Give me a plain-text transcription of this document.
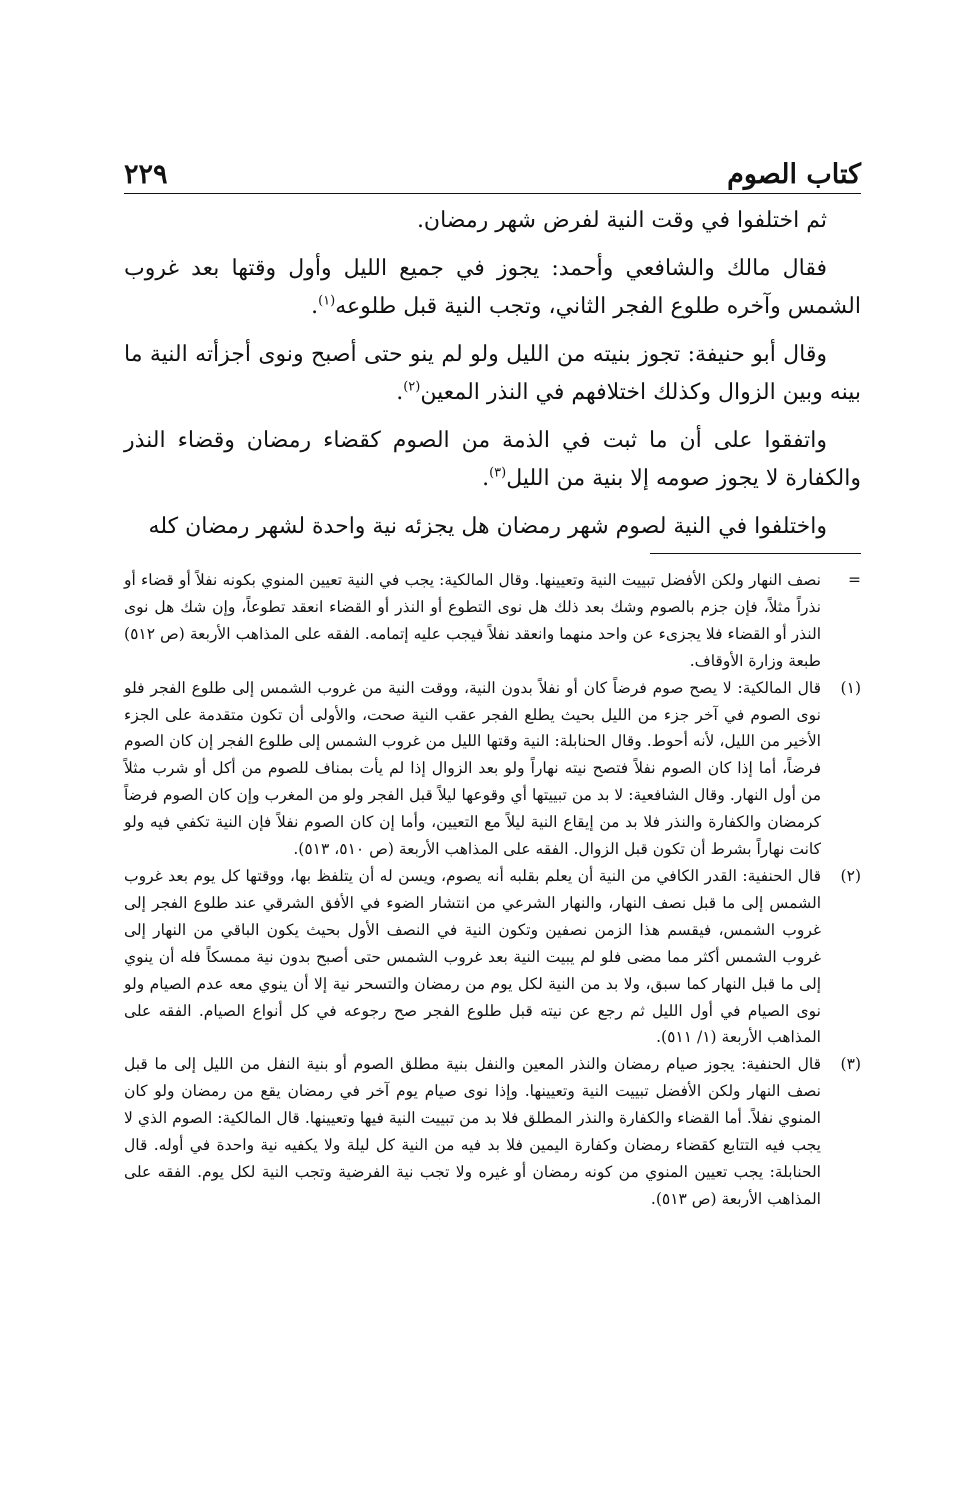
كتاب الصوم
٢٢٩

ثم اختلفوا في وقت النية لفرض شهر رمضان.

فقال مالك والشافعي وأحمد: يجوز في جميع الليل وأول وقتها بعد غروب الشمس وآخره طلوع الفجر الثاني، وتجب النية قبل طلوعه$^{(١)}$.

وقال أبو حنيفة: تجوز بنيته من الليل ولو لم ينو حتى أصبح ونوى أجزأته النية ما بينه وبين الزوال وكذلك اختلافهم في النذر المعين$^{(٢)}$.

واتفقوا على أن ما ثبت في الذمة من الصوم كقضاء رمضان وقضاء النذر والكفارة لا يجوز صومه إلا بنية من الليل$^{(٣)}$.

واختلفوا في النية لصوم شهر رمضان هل يجزئه نية واحدة لشهر رمضان كله

=
نصف النهار ولكن الأفضل تبييت النية وتعيينها. وقال المالكية: يجب في النية تعيين المنوي بكونه نفلاً أو قضاء أو نذراً مثلاً، فإن جزم بالصوم وشك بعد ذلك هل نوى التطوع أو النذر أو القضاء انعقد تطوعاً، وإن شك هل نوى النذر أو القضاء فلا يجزىء عن واحد منهما وانعقد نفلاً فيجب عليه إتمامه. الفقه على المذاهب الأربعة (ص ٥١٢) طبعة وزارة الأوقاف.
(١)
قال المالكية: لا يصح صوم فرضاً كان أو نفلاً بدون النية، ووقت النية من غروب الشمس إلى طلوع الفجر فلو نوى الصوم في آخر جزء من الليل بحيث يطلع الفجر عقب النية صحت، والأولى أن تكون متقدمة على الجزء الأخير من الليل، لأنه أحوط. وقال الحنابلة: النية وقتها الليل من غروب الشمس إلى طلوع الفجر إن كان الصوم فرضاً، أما إذا كان الصوم نفلاً فتصح نيته نهاراً ولو بعد الزوال إذا لم يأت بمناف للصوم من أكل أو شرب مثلاً من أول النهار. وقال الشافعية: لا بد من تبييتها أي وقوعها ليلاً قبل الفجر ولو من المغرب وإن كان الصوم فرضاً كرمضان والكفارة والنذر فلا بد من إيقاع النية ليلاً مع التعيين، وأما إن كان الصوم نفلاً فإن النية تكفي فيه ولو كانت نهاراً بشرط أن تكون قبل الزوال. الفقه على المذاهب الأربعة (ص ٥١٠، ٥١٣).
(٢)
قال الحنفية: القدر الكافي من النية أن يعلم بقلبه أنه يصوم، ويسن له أن يتلفظ بها، ووقتها كل يوم بعد غروب الشمس إلى ما قبل نصف النهار، والنهار الشرعي من انتشار الضوء في الأفق الشرقي عند طلوع الفجر إلى غروب الشمس، فيقسم هذا الزمن نصفين وتكون النية في النصف الأول بحيث يكون الباقي من النهار إلى غروب الشمس أكثر مما مضى فلو لم يبيت النية بعد غروب الشمس حتى أصبح بدون نية ممسكاً فله أن ينوي إلى ما قبل النهار كما سبق، ولا بد من النية لكل يوم من رمضان والتسحر نية إلا أن ينوي معه عدم الصيام ولو نوى الصيام في أول الليل ثم رجع عن نيته قبل طلوع الفجر صح رجوعه في كل أنواع الصيام. الفقه على المذاهب الأربعة (١/ ٥١١).
(٣)
قال الحنفية: يجوز صيام رمضان والنذر المعين والنفل بنية مطلق الصوم أو بنية النفل من الليل إلى ما قبل نصف النهار ولكن الأفضل تبييت النية وتعيينها. وإذا نوى صيام يوم آخر في رمضان يقع من رمضان ولو كان المنوي نفلاً. أما القضاء والكفارة والنذر المطلق فلا بد من تبييت النية فيها وتعيينها. قال المالكية: الصوم الذي لا يجب فيه التتابع كقضاء رمضان وكفارة اليمين فلا بد فيه من النية كل ليلة ولا يكفيه نية واحدة في أوله. قال الحنابلة: يجب تعيين المنوي من كونه رمضان أو غيره ولا تجب نية الفرضية وتجب النية لكل يوم. الفقه على المذاهب الأربعة (ص ٥١٣).
